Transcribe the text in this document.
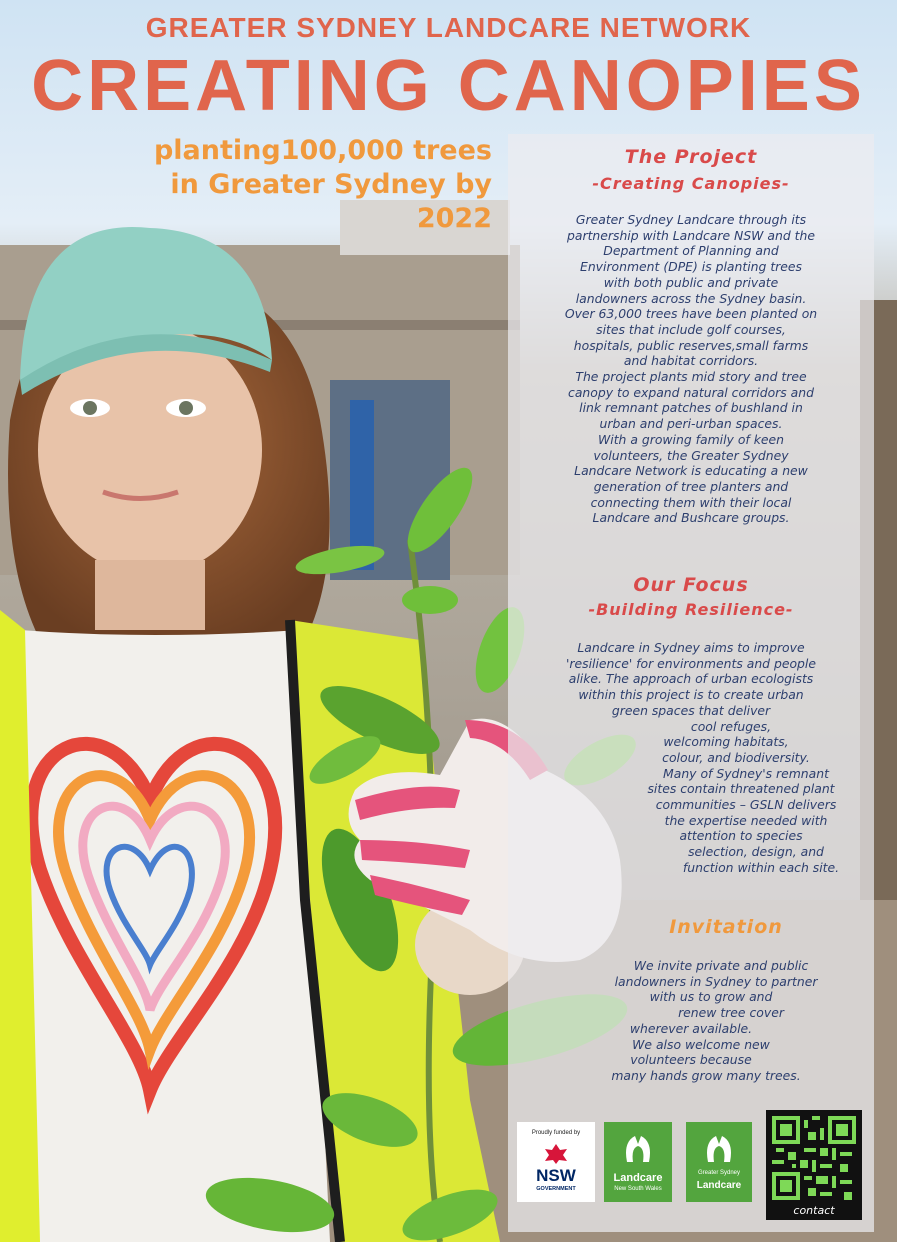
GREATER SYDNEY LANDCARE NETWORK
CREATING CANOPIES
planting100,000 trees
in Greater Sydney by
2022

The Project

-Creating Canopies-

Greater Sydney Landcare through its
partnership with Landcare NSW and the
Department of Planning and
Environment (DPE) is planting trees
with both public and private
landowners across the Sydney basin.
Over 63,000 trees have been planted on
sites that include golf courses,
hospitals, public reserves,small farms
and habitat corridors.
The project plants mid story and tree
canopy to expand natural corridors and
link remnant patches of bushland in
urban and peri-urban spaces.
With a growing family of keen
volunteers, the Greater Sydney
Landcare Network is educating a new
generation of tree planters and
connecting them with their local
Landcare and Bushcare groups.

Our Focus

-Building Resilience-

Landcare in Sydney aims to improve
'resilience' for environments and people
alike. The approach of urban ecologists
within this project is to create urban
green spaces that deliver
cool refuges,
welcoming habitats,
colour, and biodiversity.
Many of Sydney's remnant
sites contain threatened plant
communities – GSLN delivers
the expertise needed with
attention to species
selection, design, and
function within each site.

Invitation

We invite private and public
landowners in Sydney to partner
with us to grow and
renew tree cover
wherever available.
We also welcome new
volunteers because
many hands grow many trees.

Proudly funded by

NSW

GOVERNMENT

Landcare

New South Wales

Greater Sydney

Landcare

contact
